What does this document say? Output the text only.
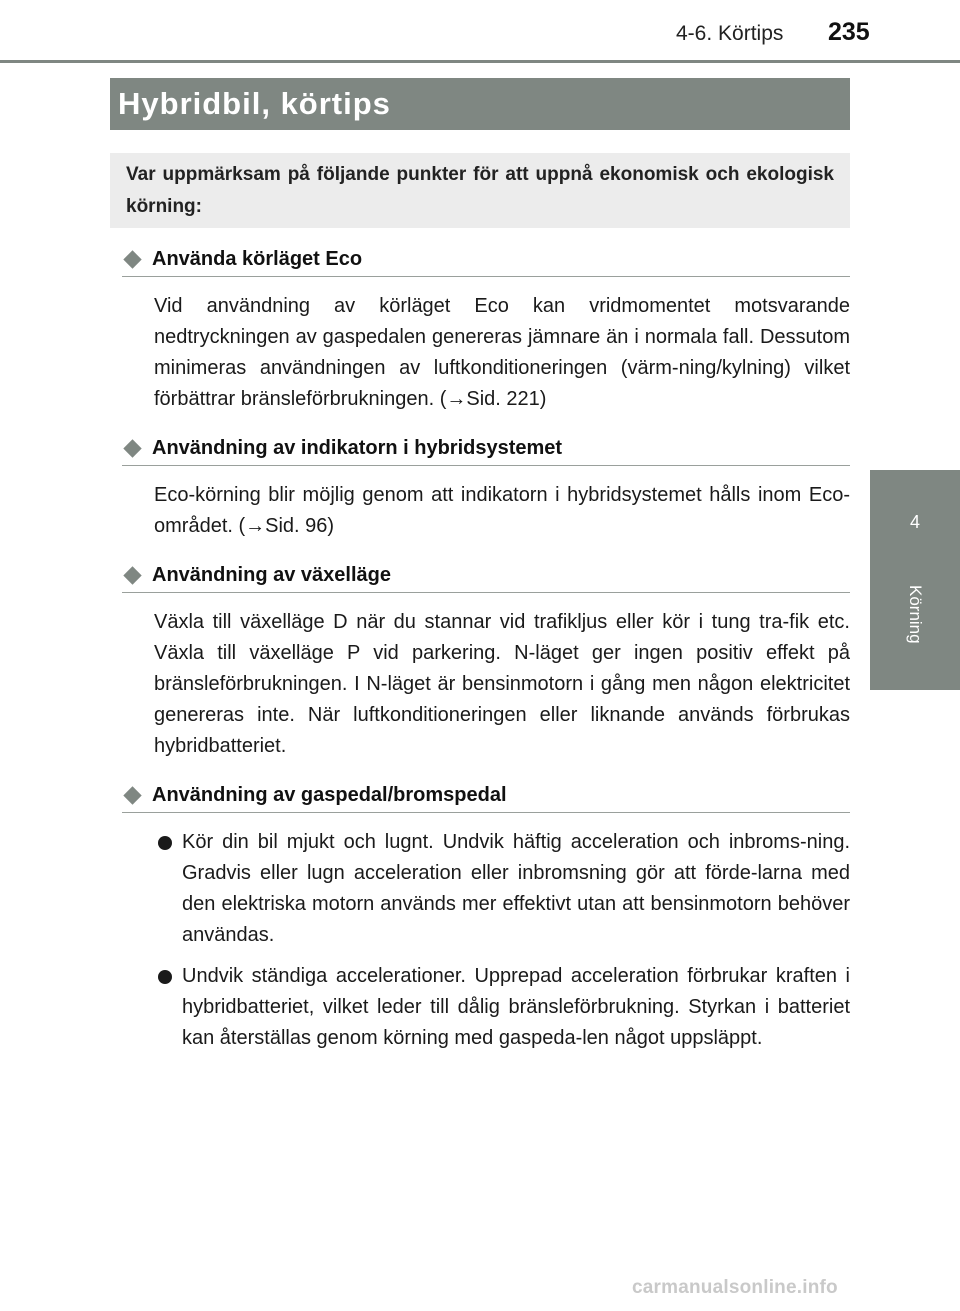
4-6. Körtips 235
4
Körning
Hybridbil, körtips

Var uppmärksam på följande punkter för att uppnå ekonomisk och ekologisk körning:

Använda körläget Eco
Vid användning av körläget Eco kan vridmomentet motsvarande nedtryckningen av gaspedalen genereras jämnare än i normala fall. Dessutom minimeras användningen av luftkonditioneringen (värm-ning/kylning) vilket förbättrar bränsleförbrukningen. (→Sid. 221)
Användning av indikatorn i hybridsystemet
Eco-körning blir möjlig genom att indikatorn i hybridsystemet hålls inom Eco-området. (→Sid. 96)
Användning av växelläge
Växla till växelläge D när du stannar vid trafikljus eller kör i tung tra-fik etc. Växla till växelläge P vid parkering. N-läget ger ingen positiv effekt på bränsleförbrukningen. I N-läget är bensinmotorn i gång men någon elektricitet genereras inte. När luftkonditioneringen eller liknande används förbrukas hybridbatteriet.
Användning av gaspedal/bromspedal
Kör din bil mjukt och lugnt. Undvik häftig acceleration och inbroms-ning. Gradvis eller lugn acceleration eller inbromsning gör att förde-larna med den elektriska motorn används mer effektivt utan att bensinmotorn behöver användas.
Undvik ständiga accelerationer. Upprepad acceleration förbrukar kraften i hybridbatteriet, vilket leder till dålig bränsleförbrukning. Styrkan i batteriet kan återställas genom körning med gaspeda-len något uppsläppt.
carmanualsonline.info
